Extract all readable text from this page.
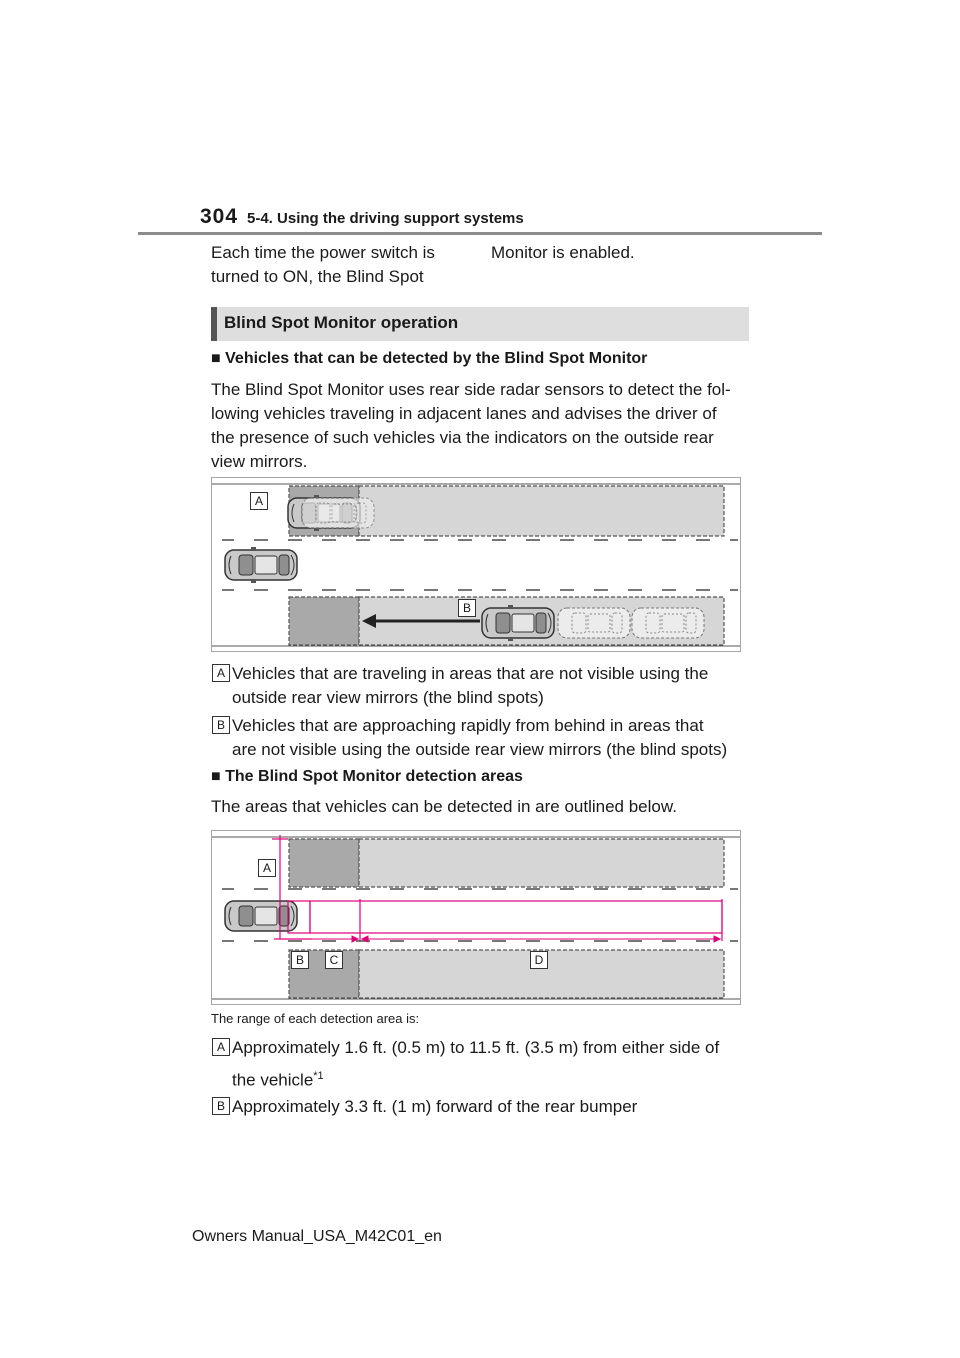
304 5-4. Using the driving support systems
Each time the power switch is
turned to ON, the Blind Spot
Monitor is enabled.
Blind Spot Monitor operation
■ Vehicles that can be detected by the Blind Spot Monitor
The Blind Spot Monitor uses rear side radar sensors to detect the fol-
lowing vehicles traveling in adjacent lanes and advises the driver of
the presence of such vehicles via the indicators on the outside rear
view mirrors.
A
B
A Vehicles that are traveling in areas that are not visible using the
outside rear view mirrors (the blind spots)
B Vehicles that are approaching rapidly from behind in areas that
are not visible using the outside rear view mirrors (the blind spots)
■ The Blind Spot Monitor detection areas
The areas that vehicles can be detected in are outlined below.
A
B	C	D
The range of each detection area is:
A Approximately 1.6 ft. (0.5 m) to 11.5 ft. (3.5 m) from either side of
the vehicle$^{*1}$
B Approximately 3.3 ft. (1 m) forward of the rear bumper
Owners Manual_USA_M42C01_en
